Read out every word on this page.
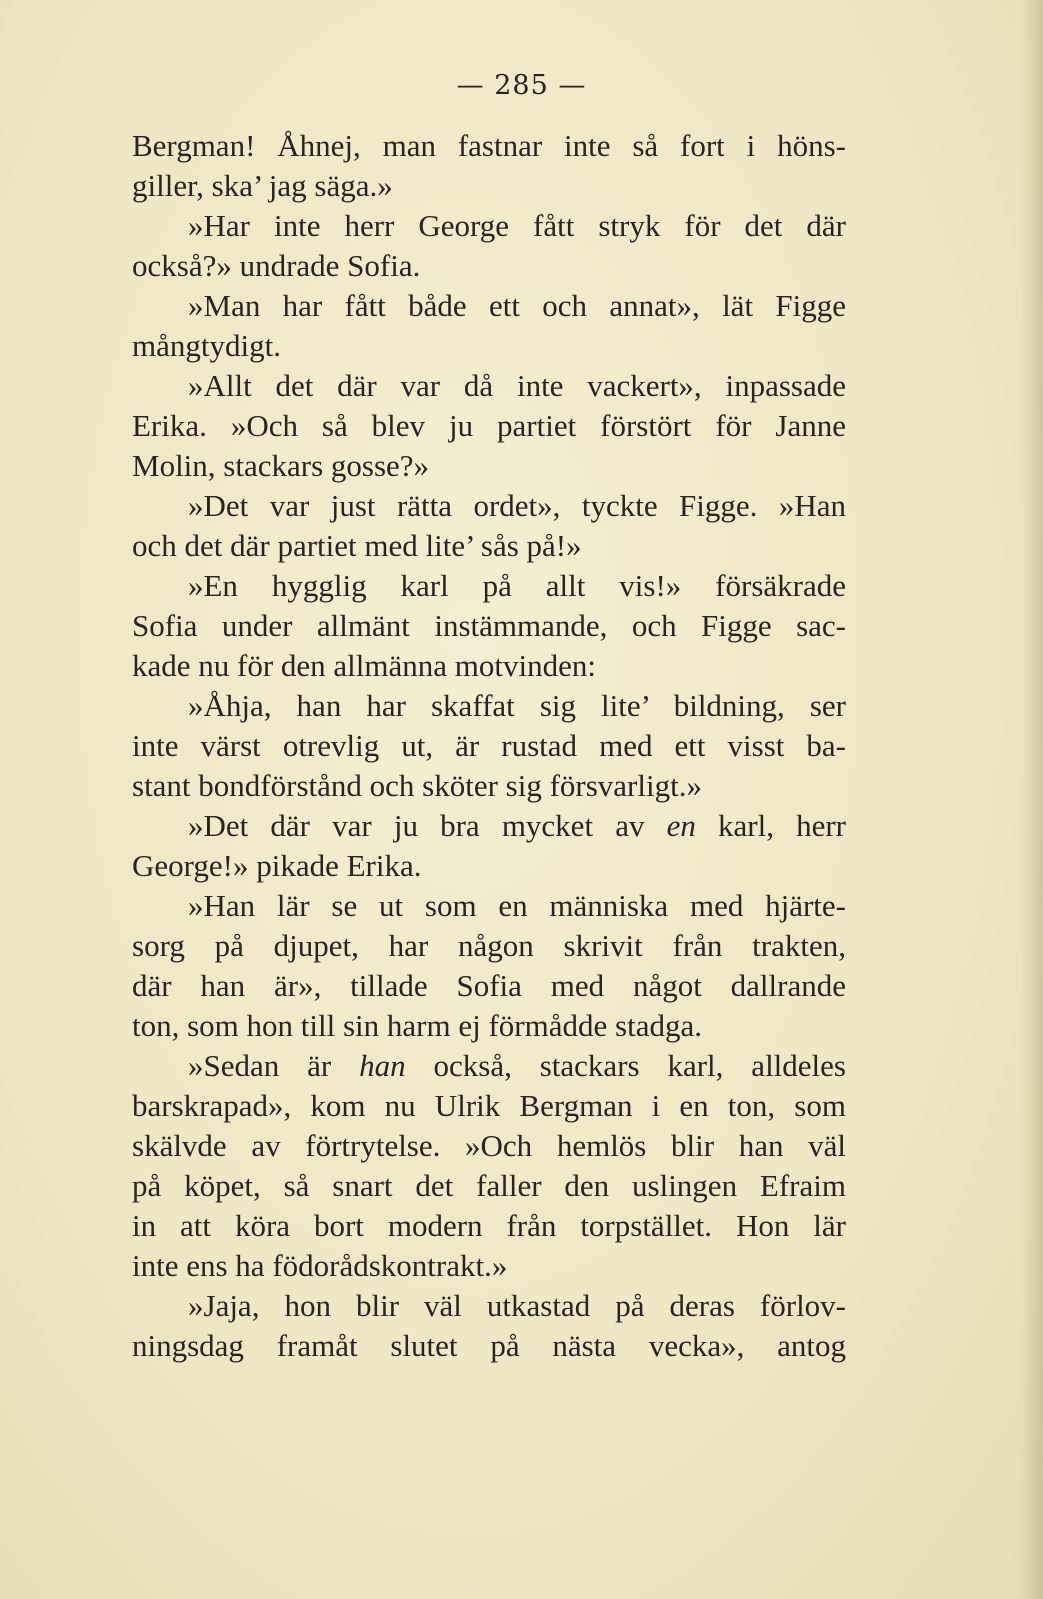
— 285 —
Bergman! Åhnej, man fastnar inte så fort i höns-
giller, ska’ jag säga.»
»Har inte herr George fått stryk för det där
också?» undrade Sofia.
»Man har fått både ett och annat», lät Figge
mångtydigt.
»Allt det där var då inte vackert», inpassade
Erika. »Och så blev ju partiet förstört för Janne
Molin, stackars gosse?»
»Det var just rätta ordet», tyckte Figge. »Han
och det där partiet med lite’ sås på!»
»En hygglig karl på allt vis!» försäkrade
Sofia under allmänt instämmande, och Figge sac-
kade nu för den allmänna motvinden:
»Åhja, han har skaffat sig lite’ bildning, ser
inte värst otrevlig ut, är rustad med ett visst ba-
stant bondförstånd och sköter sig försvarligt.»
»Det där var ju bra mycket av en karl, herr
George!» pikade Erika.
»Han lär se ut som en människa med hjärte-
sorg på djupet, har någon skrivit från trakten,
där han är», tillade Sofia med något dallrande
ton, som hon till sin harm ej förmådde stadga.
»Sedan är han också, stackars karl, alldeles
barskrapad», kom nu Ulrik Bergman i en ton, som
skälvde av förtrytelse. »Och hemlös blir han väl
på köpet, så snart det faller den uslingen Efraim
in att köra bort modern från torpstället. Hon lär
inte ens ha födorådskontrakt.»
»Jaja, hon blir väl utkastad på deras förlov-
ningsdag framåt slutet på nästa vecka», antog
